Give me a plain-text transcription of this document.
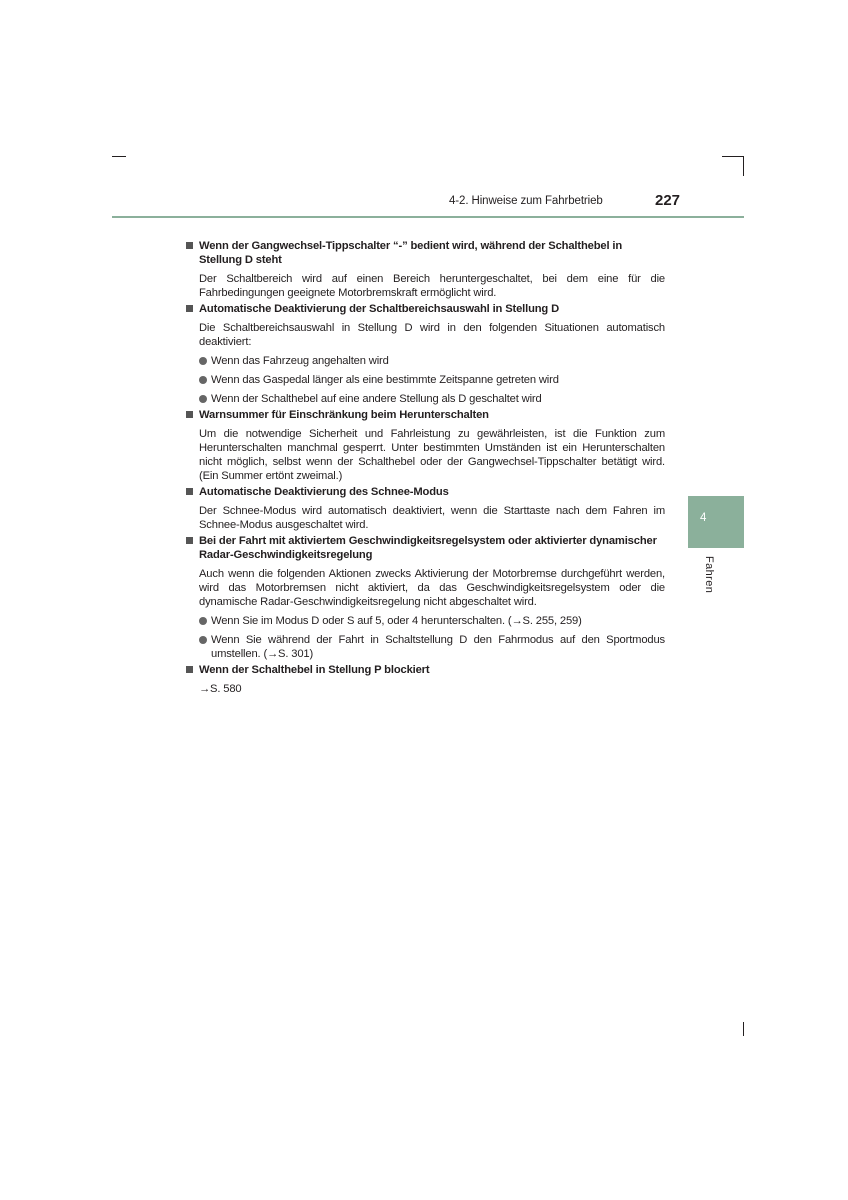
4-2. Hinweise zum Fahrbetrieb	227
4
Fahren
Wenn der Gangwechsel-Tippschalter “-” bedient wird, während der Schalthebel in Stellung D steht
Der Schaltbereich wird auf einen Bereich heruntergeschaltet, bei dem eine für die Fahrbedingungen geeignete Motorbremskraft ermöglicht wird.
Automatische Deaktivierung der Schaltbereichsauswahl in Stellung D
Die Schaltbereichsauswahl in Stellung D wird in den folgenden Situationen automatisch deaktiviert:
Wenn das Fahrzeug angehalten wird
Wenn das Gaspedal länger als eine bestimmte Zeitspanne getreten wird
Wenn der Schalthebel auf eine andere Stellung als D geschaltet wird
Warnsummer für Einschränkung beim Herunterschalten
Um die notwendige Sicherheit und Fahrleistung zu gewährleisten, ist die Funktion zum Herunterschalten manchmal gesperrt. Unter bestimmten Umständen ist ein Herunterschalten nicht möglich, selbst wenn der Schalthebel oder der Gangwechsel-Tippschalter betätigt wird. (Ein Summer ertönt zweimal.)
Automatische Deaktivierung des Schnee-Modus
Der Schnee-Modus wird automatisch deaktiviert, wenn die Starttaste nach dem Fahren im Schnee-Modus ausgeschaltet wird.
Bei der Fahrt mit aktiviertem Geschwindigkeitsregelsystem oder aktivierter dynamischer Radar-Geschwindigkeitsregelung
Auch wenn die folgenden Aktionen zwecks Aktivierung der Motorbremse durchgeführt werden, wird das Motorbremsen nicht aktiviert, da das Geschwindigkeitsregelsystem oder die dynamische Radar-Geschwindigkeitsregelung nicht abgeschaltet wird.
Wenn Sie im Modus D oder S auf 5, oder 4 herunterschalten. (→S. 255, 259)
Wenn Sie während der Fahrt in Schaltstellung D den Fahrmodus auf den Sportmodus umstellen. (→S. 301)
Wenn der Schalthebel in Stellung P blockiert
→S. 580
